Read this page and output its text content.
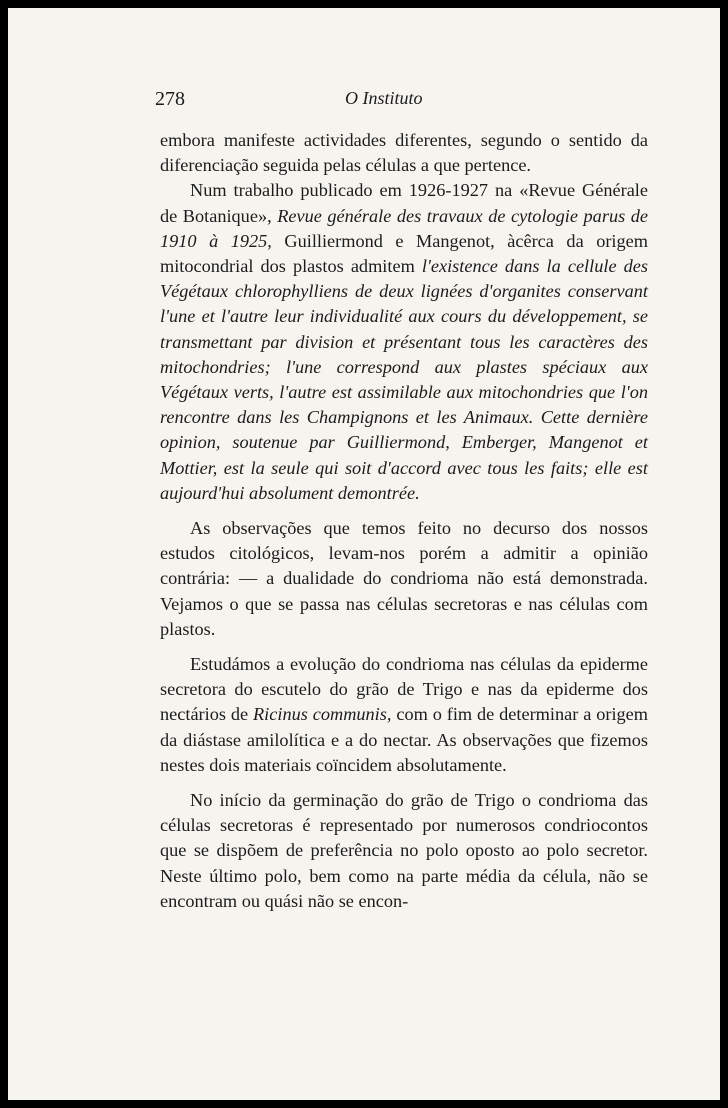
278	O Instituto

embora manifeste actividades diferentes, segundo o sentido da diferenciação seguida pelas células a que pertence.

Num trabalho publicado em 1926-1927 na «Revue Générale de Botanique», Revue générale des travaux de cytologie parus de 1910 à 1925, Guilliermond e Mangenot, àcêrca da origem mitocondrial dos plastos admitem l'existence dans la cellule des Végétaux chlorophylliens de deux lignées d'organites conservant l'une et l'autre leur individualité aux cours du développement, se transmettant par division et présentant tous les caractères des mitochondries; l'une correspond aux plastes spéciaux aux Végétaux verts, l'autre est assimilable aux mitochondries que l'on rencontre dans les Champignons et les Animaux. Cette dernière opinion, soutenue par Guilliermond, Emberger, Mangenot et Mottier, est la seule qui soit d'accord avec tous les faits; elle est aujourd'hui absolument demontrée.

As observações que temos feito no decurso dos nossos estudos citológicos, levam-nos porém a admitir a opinião contrária: — a dualidade do condrioma não está demonstrada. Vejamos o que se passa nas células secretoras e nas células com plastos.

Estudámos a evolução do condrioma nas células da epiderme secretora do escutelo do grão de Trigo e nas da epiderme dos nectários de Ricinus communis, com o fim de determinar a origem da diástase amilolítica e a do nectar. As observações que fizemos nestes dois materiais coïncidem absolutamente.

No início da germinação do grão de Trigo o condrioma das células secretoras é representado por numerosos condriocontos que se dispõem de preferência no polo oposto ao polo secretor. Neste último polo, bem como na parte média da célula, não se encontram ou quási não se encon-
